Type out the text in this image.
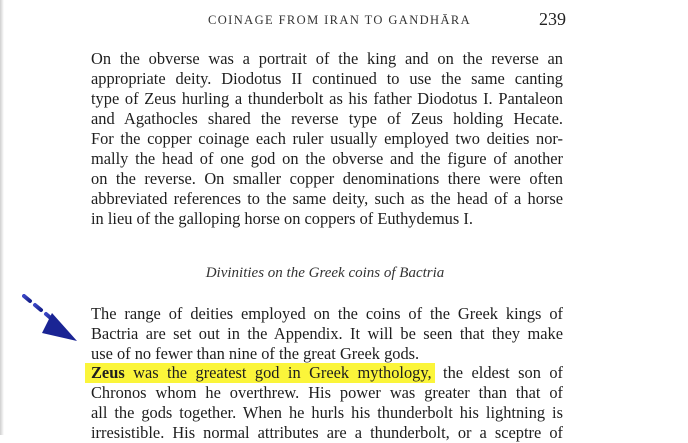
COINAGE FROM IRAN TO GANDHĀRA	239
On the obverse was a portrait of the king and on the reverse an
appropriate deity. Diodotus II continued to use the same canting
type of Zeus hurling a thunderbolt as his father Diodotus I. Pantaleon
and Agathocles shared the reverse type of Zeus holding Hecate.
For the copper coinage each ruler usually employed two deities nor-
mally the head of one god on the obverse and the figure of another
on the reverse. On smaller copper denominations there were often
abbreviated references to the same deity, such as the head of a horse
in lieu of the galloping horse on coppers of Euthydemus I.
Divinities on the Greek coins of Bactria
The range of deities employed on the coins of the Greek kings of
Bactria are set out in the Appendix. It will be seen that they make
use of no fewer than nine of the great Greek gods.
Zeus was the greatest god in Greek mythology, the eldest son of
Chronos whom he overthrew. His power was greater than that of
all the gods together. When he hurls his thunderbolt his lightning is
irresistible. His normal attributes are a thunderbolt, or a sceptre of
